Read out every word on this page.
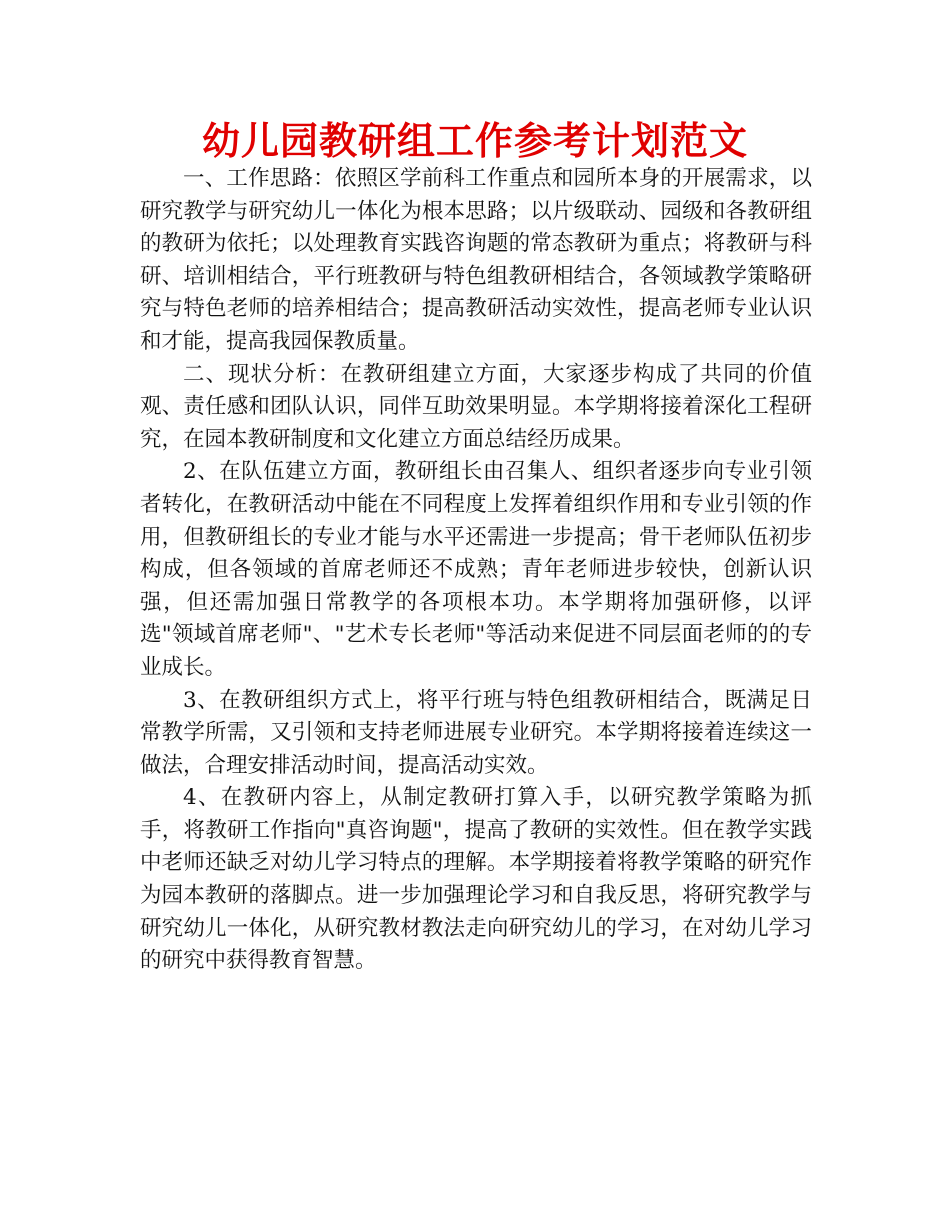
幼儿园教研组工作参考计划范文

一、工作思路：依照区学前科工作重点和园所本身的开展需求，以研究教学与研究幼儿一体化为根本思路；以片级联动、园级和各教研组的教研为依托；以处理教育实践咨询题的常态教研为重点；将教研与科研、培训相结合，平行班教研与特色组教研相结合，各领域教学策略研究与特色老师的培养相结合；提高教研活动实效性，提高老师专业认识和才能，提高我园保教质量。

二、现状分析：在教研组建立方面，大家逐步构成了共同的价值观、责任感和团队认识，同伴互助效果明显。本学期将接着深化工程研究，在园本教研制度和文化建立方面总结经历成果。

2、在队伍建立方面，教研组长由召集人、组织者逐步向专业引领者转化，在教研活动中能在不同程度上发挥着组织作用和专业引领的作用，但教研组长的专业才能与水平还需进一步提高；骨干老师队伍初步构成，但各领域的首席老师还不成熟；青年老师进步较快，创新认识强，但还需加强日常教学的各项根本功。本学期将加强研修，以评选"领域首席老师"、"艺术专长老师"等活动来促进不同层面老师的的专业成长。

3、在教研组织方式上，将平行班与特色组教研相结合，既满足日常教学所需，又引领和支持老师进展专业研究。本学期将接着连续这一做法，合理安排活动时间，提高活动实效。

4、在教研内容上，从制定教研打算入手，以研究教学策略为抓手，将教研工作指向"真咨询题"，提高了教研的实效性。但在教学实践中老师还缺乏对幼儿学习特点的理解。本学期接着将教学策略的研究作为园本教研的落脚点。进一步加强理论学习和自我反思，将研究教学与研究幼儿一体化，从研究教材教法走向研究幼儿的学习，在对幼儿学习的研究中获得教育智慧。
